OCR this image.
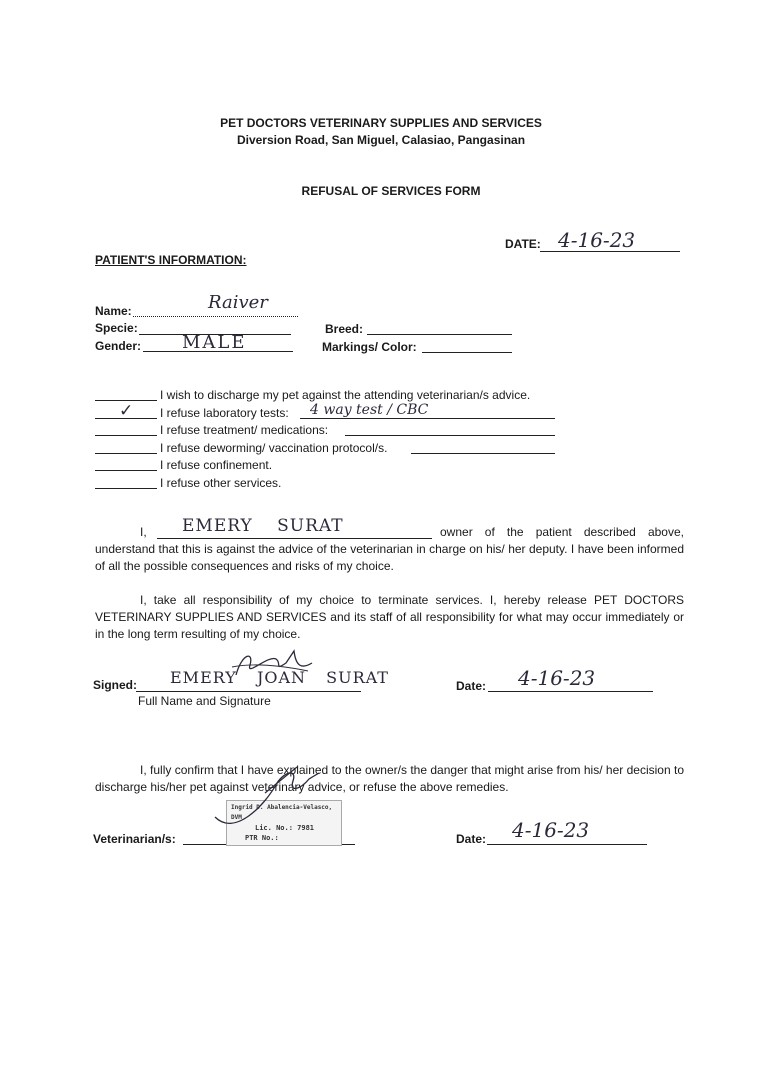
PET DOCTORS VETERINARY SUPPLIES AND SERVICES
Diversion Road, San Miguel, Calasiao, Pangasinan
REFUSAL OF SERVICES FORM
DATE: 4-16-23
PATIENT'S INFORMATION:
Name:	Raiver
Specie:	Breed:
Gender: MALE	Markings/ Color:
I wish to discharge my pet against the attending veterinarian/s advice.
✓ I refuse laboratory tests: 4 way test / CBC
I refuse treatment/ medications:
I refuse deworming/ vaccination protocol/s.
I refuse confinement.
I refuse other services.
I, EMERY SURAT	owner of the patient described above,
understand that this is against the advice of the veterinarian in charge on his/ her deputy. I have been informed of all the possible consequences and risks of my choice.
I, take all responsibility of my choice to terminate services. I, hereby release PET DOCTORS VETERINARY SUPPLIES AND SERVICES and its staff of all responsibility for what may occur immediately or in the long term resulting of my choice.
Signed: EMERY JOAN SURAT
Full Name and Signature
Date: 4-16-23
I, fully confirm that I have explained to the owner/s the danger that might arise from his/ her decision to discharge his/her pet against veterinary advice, or refuse the above remedies.
Veterinarian/s:
Ingrid D. Abalencia-Velasco, DVM
Lic. No.: 7981
PTR No.:	Date: 4-16-23
